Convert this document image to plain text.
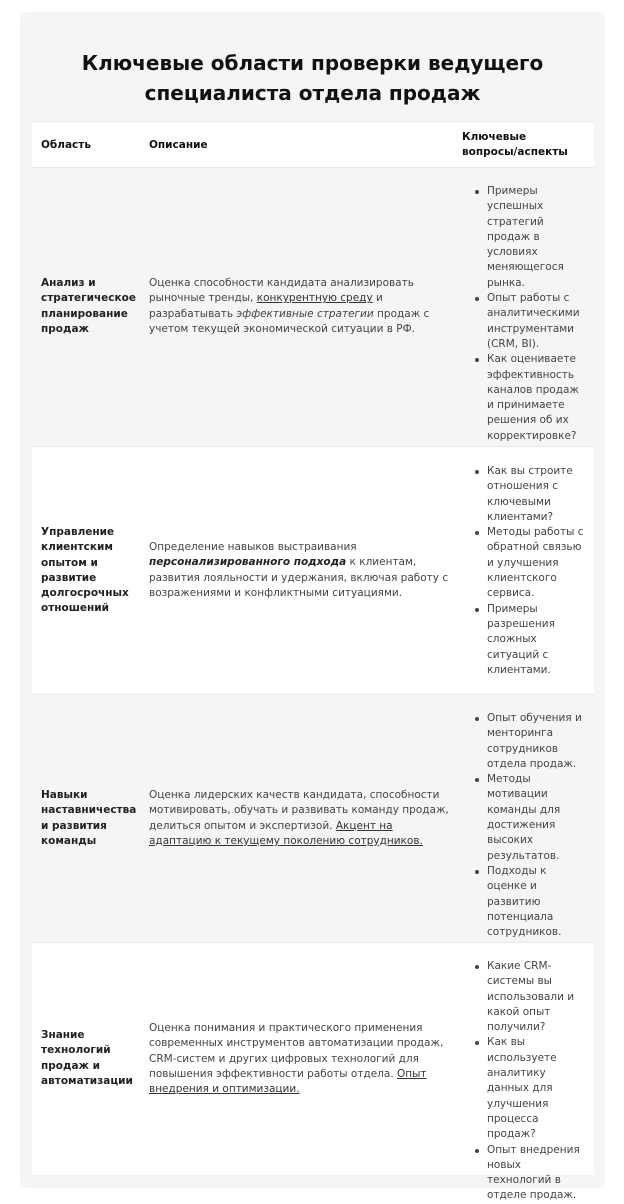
Ключевые области проверки ведущего специалиста отдела продаж
Область	Описание
Ключевые вопросы/аспекты
Анализ и стратегическое планирование продаж
Оценка способности кандидата анализировать рыночные тренды, конкурентную среду и разрабатывать эффективные стратегии продаж с учетом текущей экономической ситуации в РФ.
Примеры успешных стратегий продаж в условиях меняющегося рынка.
Опыт работы с аналитическими инструментами (CRM, BI).
Как оцениваете эффективность каналов продаж и принимаете решения об их корректировке?
Управление клиентским опытом и развитие долгосрочных отношений
Определение навыков выстраивания персонализированного подхода к клиентам, развития лояльности и удержания, включая работу с возражениями и конфликтными ситуациями.
Как вы строите отношения с ключевыми клиентами?
Методы работы с обратной связью и улучшения клиентского сервиса.
Примеры разрешения сложных ситуаций с клиентами.
Навыки наставничества и развития команды
Оценка лидерских качеств кандидата, способности мотивировать, обучать и развивать команду продаж, делиться опытом и экспертизой. Акцент на адаптацию к текущему поколению сотрудников.
Опыт обучения и менторинга сотрудников отдела продаж.
Методы мотивации команды для достижения высоких результатов.
Подходы к оценке и развитию потенциала сотрудников.
Знание технологий продаж и автоматизации
Оценка понимания и практического применения современных инструментов автоматизации продаж, CRM-систем и других цифровых технологий для повышения эффективности работы отдела. Опыт внедрения и оптимизации.
Какие CRM-системы вы использовали и какой опыт получили?
Как вы используете аналитику данных для улучшения процесса продаж?
Опыт внедрения новых технологий в отделе продаж.
